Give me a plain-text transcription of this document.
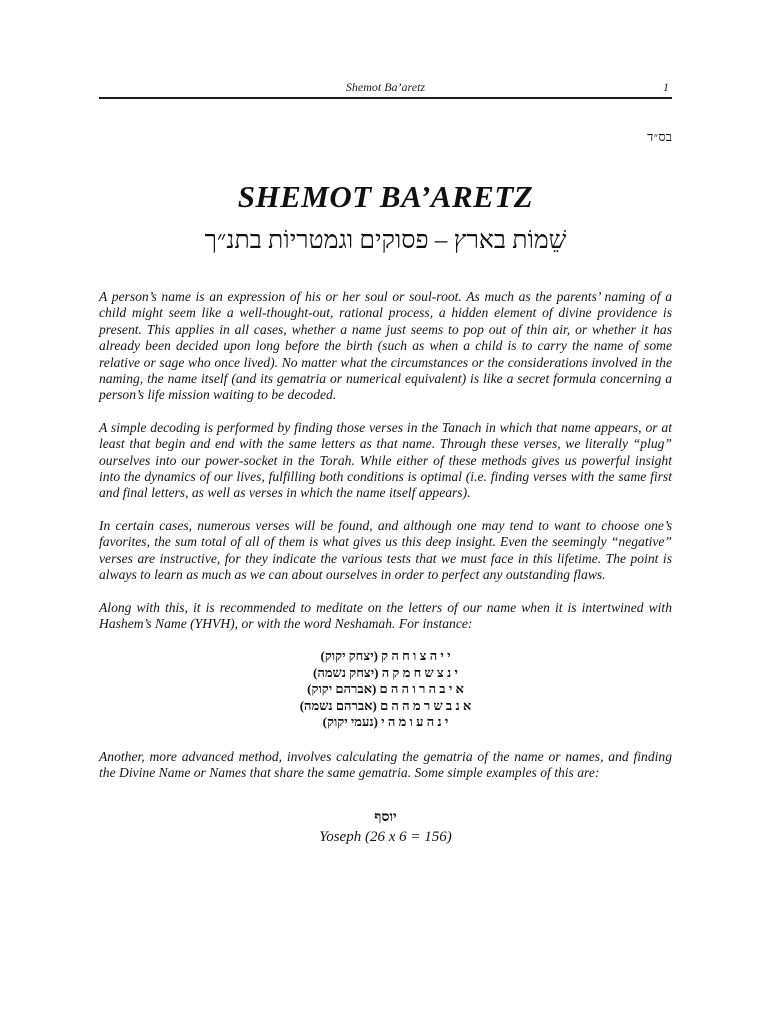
Shemot Ba’aretz	1
בס״ד
SHEMOT BA’ARETZ
שֵׁמוֹת בארץ – פסוקים וגמטריוֹת בתנ״ך

A person’s name is an expression of his or her soul or soul-root. As much as the parents’ naming of a child might seem like a well-thought-out, rational process, a hidden element of divine providence is present. This applies in all cases, whether a name just seems to pop out of thin air, or whether it has already been decided upon long before the birth (such as when a child is to carry the name of some relative or sage who once lived). No matter what the circumstances or the considerations involved in the naming, the name itself (and its gematria or numerical equivalent) is like a secret formula concerning a person’s life mission waiting to be decoded.

A simple decoding is performed by finding those verses in the Tanach in which that name appears, or at least that begin and end with the same letters as that name. Through these verses, we literally “plug” ourselves into our power-socket in the Torah. While either of these methods gives us powerful insight into the dynamics of our lives, fulfilling both conditions is optimal (i.e. finding verses with the same first and final letters, as well as verses in which the name itself appears).

In certain cases, numerous verses will be found, and although one may tend to want to choose one’s favorites, the sum total of all of them is what gives us this deep insight. Even the seemingly “negative” verses are instructive, for they indicate the various tests that we must face in this lifetime. The point is always to learn as much as we can about ourselves in order to perfect any outstanding flaws.

Along with this, it is recommended to meditate on the letters of our name when it is intertwined with Hashem’s Name (YHVH), or with the word Neshamah. For instance:

י י ה צ ו ח ה ק (יצחק יקוק)
י נ צ ש ח מ ק ה (יצחק נשמה)
א י ב ה ר ו ה ה ם (אברהם יקוק)
א נ ב ש ר מ ה ה ם (אברהם נשמה)
י נ ה ע ו מ ה י (נעמי יקוק)

Another, more advanced method, involves calculating the gematria of the name or names, and finding the Divine Name or Names that share the same gematria. Some simple examples of this are:

יוסף
Yoseph (26 x 6 = 156)
